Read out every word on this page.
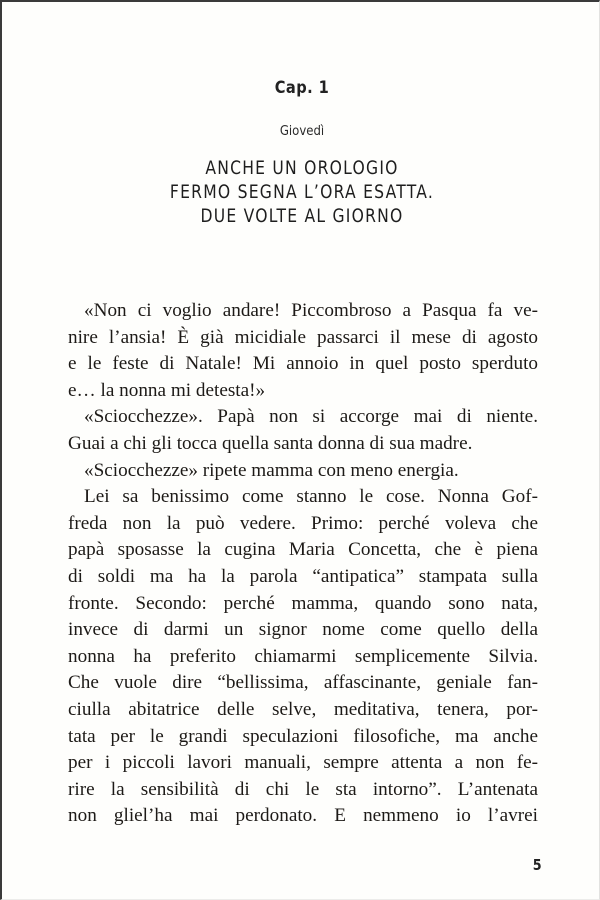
Cap. 1
Giovedì
ANCHE UN OROLOGIO
FERMO SEGNA L’ORA ESATTA.
DUE VOLTE AL GIORNO
«Non ci voglio andare! Piccombroso a Pasqua fa ve-
nire l’ansia! È già micidiale passarci il mese di agosto
e le feste di Natale! Mi annoio in quel posto sperduto
e… la nonna mi detesta!»
«Sciocchezze». Papà non si accorge mai di niente.
Guai a chi gli tocca quella santa donna di sua madre.
«Sciocchezze» ripete mamma con meno energia.
Lei sa benissimo come stanno le cose. Nonna Gof-
freda non la può vedere. Primo: perché voleva che
papà sposasse la cugina Maria Concetta, che è piena
di soldi ma ha la parola “antipatica” stampata sulla
fronte. Secondo: perché mamma, quando sono nata,
invece di darmi un signor nome come quello della
nonna ha preferito chiamarmi semplicemente Silvia.
Che vuole dire “bellissima, affascinante, geniale fan-
ciulla abitatrice delle selve, meditativa, tenera, por-
tata per le grandi speculazioni filosofiche, ma anche
per i piccoli lavori manuali, sempre attenta a non fe-
rire la sensibilità di chi le sta intorno”. L’antenata
non gliel’ha mai perdonato. E nemmeno io l’avrei
5
